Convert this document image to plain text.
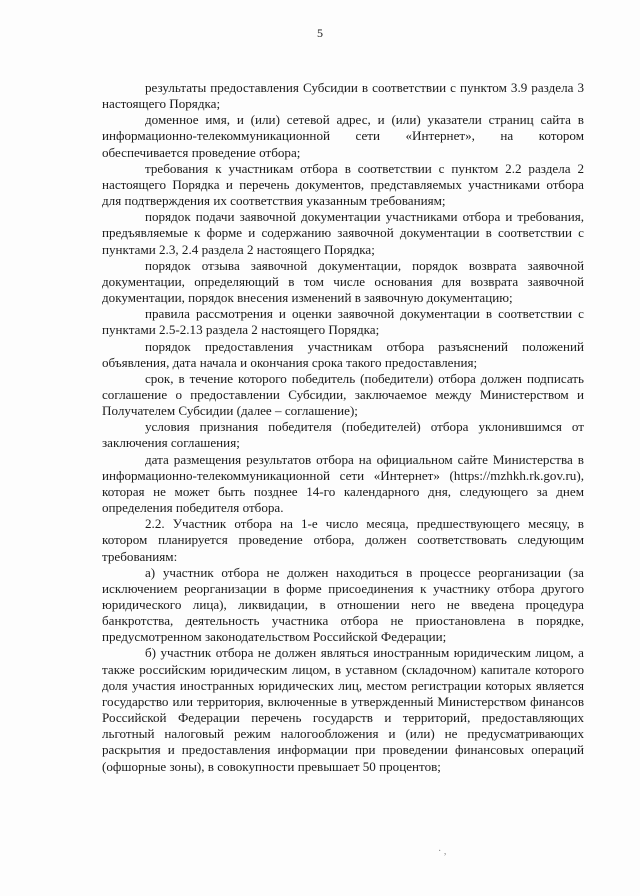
5

результаты предоставления Субсидии в соответствии с пунктом 3.9 раздела 3 настоящего Порядка;

доменное имя, и (или) сетевой адрес, и (или) указатели страниц сайта в информационно-телекоммуникационной сети «Интернет», на котором обеспечивается проведение отбора;

требования к участникам отбора в соответствии с пунктом 2.2 раздела 2 настоящего Порядка и перечень документов, представляемых участниками отбора для подтверждения их соответствия указанным требованиям;

порядок подачи заявочной документации участниками отбора и требования, предъявляемые к форме и содержанию заявочной документации в соответствии с пунктами 2.3, 2.4 раздела 2 настоящего Порядка;

порядок отзыва заявочной документации, порядок возврата заявочной документации, определяющий в том числе основания для возврата заявочной документации, порядок внесения изменений в заявочную документацию;

правила рассмотрения и оценки заявочной документации в соответствии с пунктами 2.5-2.13 раздела 2 настоящего Порядка;

порядок предоставления участникам отбора разъяснений положений объявления, дата начала и окончания срока такого предоставления;

срок, в течение которого победитель (победители) отбора должен подписать соглашение о предоставлении Субсидии, заключаемое между Министерством и Получателем Субсидии (далее – соглашение);

условия признания победителя (победителей) отбора уклонившимся от заключения соглашения;

дата размещения результатов отбора на официальном сайте Министерства в информационно-телекоммуникационной сети «Интернет» (https://mzhkh.rk.gov.ru), которая не может быть позднее 14-го календарного дня, следующего за днем определения победителя отбора.

2.2. Участник отбора на 1-е число месяца, предшествующего месяцу, в котором планируется проведение отбора, должен соответствовать следующим требованиям:

а) участник отбора не должен находиться в процессе реорганизации (за исключением реорганизации в форме присоединения к участнику отбора другого юридического лица), ликвидации, в отношении него не введена процедура банкротства, деятельность участника отбора не приостановлена в порядке, предусмотренном законодательством Российской Федерации;

б) участник отбора не должен являться иностранным юридическим лицом, а также российским юридическим лицом, в уставном (складочном) капитале которого доля участия иностранных юридических лиц, местом регистрации которых является государство или территория, включенные в утвержденный Министерством финансов Российской Федерации перечень государств и территорий, предоставляющих льготный налоговый режим налогообложения и (или) не предусматривающих раскрытия и предоставления информации при проведении финансовых операций (офшорные зоны), в совокупности превышает 50 процентов;

· ,
